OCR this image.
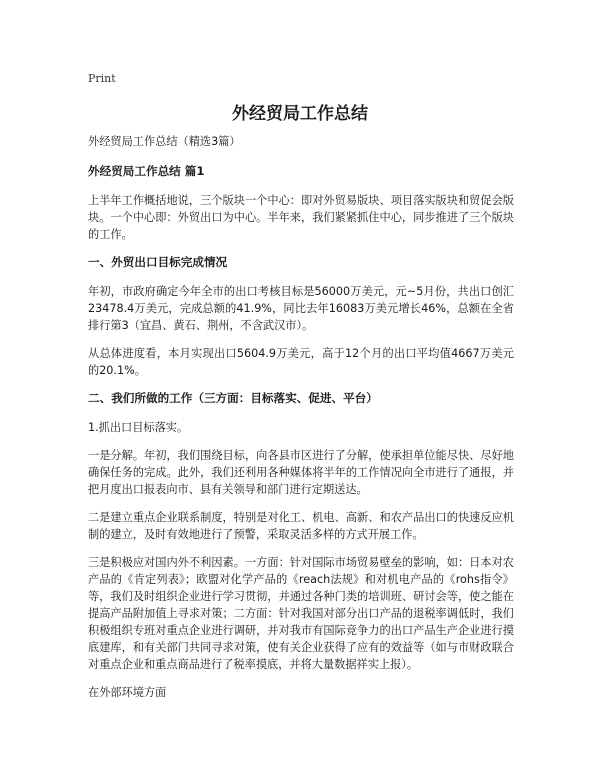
Print
外经贸局工作总结

外经贸局工作总结（精选3篇）

外经贸局工作总结 篇1

上半年工作概括地说，三个版块一个中心：即对外贸易版块、项目落实版块和贸促会版块。一个中心即：外贸出口为中心。半年来，我们紧紧抓住中心，同步推进了三个版块的工作。

一、外贸出口目标完成情况

年初，市政府确定今年全市的出口考核目标是56000万美元，元~5月份，共出口创汇23478.4万美元，完成总额的41.9%，同比去年16083万美元增长46%，总额在全省排行第3（宜昌、黄石、荆州，不含武汉市）。

从总体进度看，本月实现出口5604.9万美元，高于12个月的出口平均值4667万美元的20.1%。

二、我们所做的工作（三方面：目标落实、促进、平台）

1.抓出口目标落实。

一是分解。年初，我们围绕目标，向各县市区进行了分解，使承担单位能尽快、尽好地确保任务的完成。此外，我们还利用各种媒体将半年的工作情况向全市进行了通报，并把月度出口报表向市、县有关领导和部门进行定期送达。

二是建立重点企业联系制度，特别是对化工、机电、高新、和农产品出口的快速反应机制的建立，及时有效地进行了预警，采取灵活多样的方式开展工作。

三是积极应对国内外不利因素。一方面：针对国际市场贸易壁垒的影响，如：日本对农产品的《肯定列表》；欧盟对化学产品的《reach法规》和对机电产品的《rohs指令》等，我们及时组织企业进行学习贯彻，并通过各种门类的培训班、研讨会等，使之能在提高产品附加值上寻求对策；二方面：针对我国对部分出口产品的退税率调低时，我们积极组织专班对重点企业进行调研，并对我市有国际竞争力的出口产品生产企业进行摸底建库，和有关部门共同寻求对策，使有关企业获得了应有的效益等（如与市财政联合对重点企业和重点商品进行了税率摸底，并将大量数据祥实上报）。

在外部环境方面
